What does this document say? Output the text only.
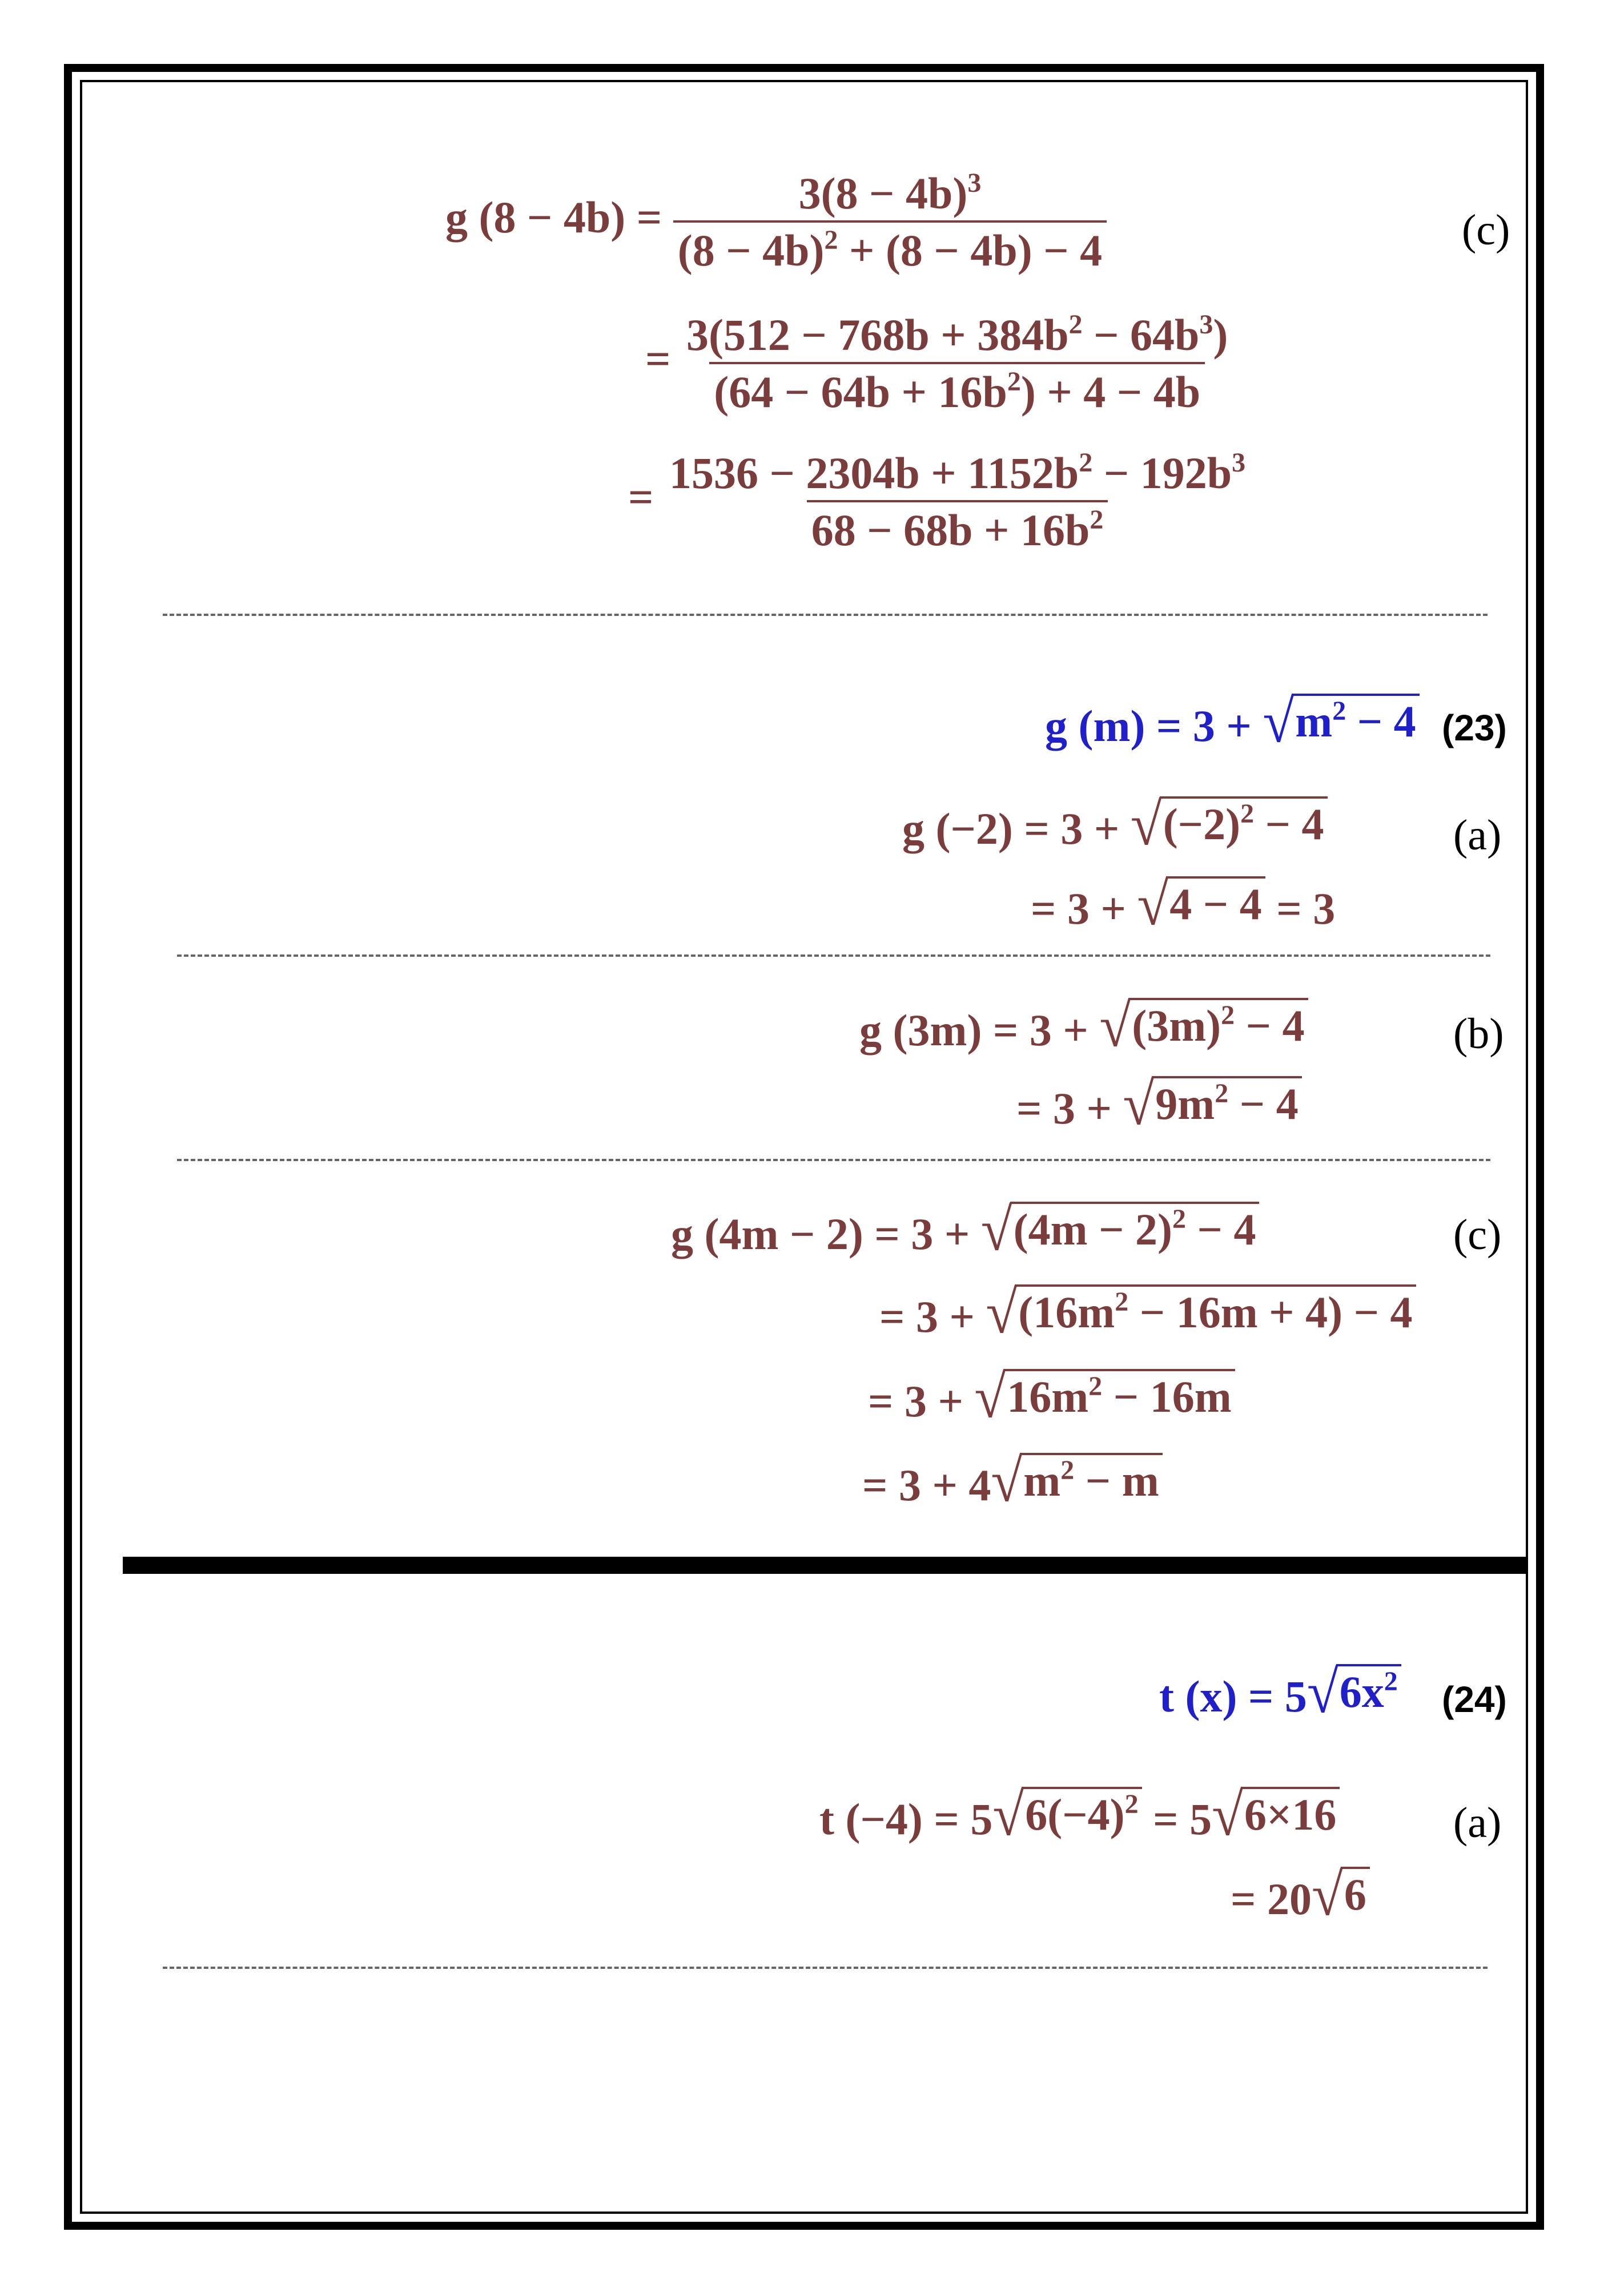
g $(8 - 4b) = \frac{3(8 - 4b)^3}{(8 - 4b)^2 + (8 - 4b) - 4}$	(c)
= $\frac{3(512 - 768b + 384b^2 - 64b^3)}{(64 - 64b + 16b^2) + 4 - 4b}$
= $\frac{1536 - 2304b + 1152b^2 - 192b^3}{68 - 68b + 16b^2}$
g (m) = 3 + √ $m^2 - 4$ (23)
g (−2) = 3 + √ $(-2)^2 - 4$	(a)
= 3 + √ 4 − 4 = 3
g (3m) = 3 + √ $(3m)^2 - 4$	(b)
= 3 + √ $9m^2 - 4$
g (4m − 2) = 3 + √ $(4m - 2)^2 - 4$	(c)
= 3 + √ $(16m^2 - 16m + 4) - 4$
= 3 + √ $16m^2 - 16m$
= 3 + 4 √ $m^2 - m$
t (x) = 5 √ $6x^2$ (24)
t (−4) = 5 √ $6(-4)^2 = 5$ √ 6×16	(a)
= 20 √ 6
